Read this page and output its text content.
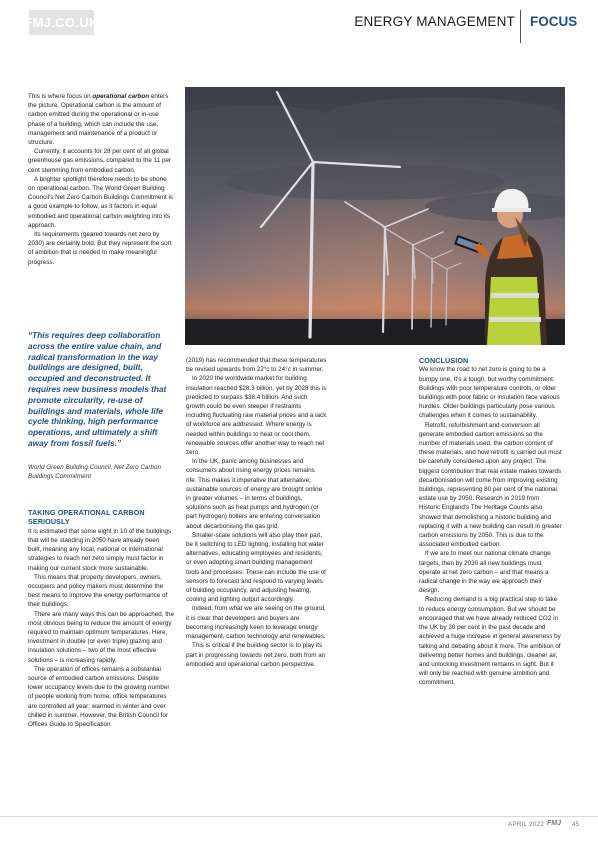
FMJ.CO.UK	ENERGY MANAGEMENT FOCUS

This is where focus on operational carbon enters the picture. Operational carbon is the amount of carbon emitted during the operational or in-use phase of a building, which can include the use, management and maintenance of a product or structure.

Currently, it accounts for 28 per cent of all global greenhouse gas emissions, compared to the 11 per cent stemming from embodied carbon.

A brighter spotlight therefore needs to be shone on operational carbon. The World Green Building Council's Net Zero Carbon Buildings Commitment is a good example to follow, as it factors in equal embodied and operational carbon weighting into its approach.

Its requirements (geared towards net zero by 2030) are certainly bold. But they represent the sort of ambition that is needed to make meaningful progress.

“This requires deep collaboration across the entire value chain, and radical transformation in the way buildings are designed, built, occupied and deconstructed. It requires new business models that promote circularity, re-use of buildings and materials, whole life cycle thinking, high performance operations, and ultimately a shift away from fossil fuels.”
World Green Building Council, Net Zero Carbon Buildings Commitment
TAKING OPERATIONAL CARBON SERIOUSLY

It is estimated that some eight in 10 of the buildings that will be standing in 2050 have already been built, meaning any local, national or international strategies to reach net zero simply must factor in making our current stock more sustainable.

This means that property developers, owners, occupiers and policy makers must determine the best means to improve the energy performance of their buildings.

There are many ways this can be approached, the most obvious being to reduce the amount of energy required to maintain optimum temperatures. Here, investment in double (or even triple) glazing and insulation solutions – two of the most effective solutions – is increasing rapidly.

The operation of offices remains a substantial source of embodied carbon emissions. Despite lower occupancy levels due to the growing number of people working from home, office temperatures are controlled all year; warmed in winter and over chilled in summer. However, the British Council for Offices Guide to Specification

(2019) has recommended that these temperatures be revised upwards from 22°c to 24°c in summer.

In 2020 the worldwide market for building insulation reached $28.3 billion, yet by 2028 this is predicted to surpass $38.4 billion. And such growth could be even steeper if restraints including fluctuating raw material prices and a lack of workforce are addressed. Where energy is needed within buildings to heat or cool them, renewable sources offer another way to reach net zero.

In the UK, panic among businesses and consumers about rising energy prices remains rife. This makes it imperative that alternative, sustainable sources of energy are brought online in greater volumes – in terms of buildings, solutions such as heat pumps and hydrogen (or part hydrogen) boilers are entering conversation about decarbonising the gas grid.

Smaller-scale solutions will also play their part, be it switching to LED lighting, installing hot water alternatives, educating employees and residents, or even adopting smart building management tools and processes. These can include the use of sensors to forecast and respond to varying levels of building occupancy, and adjusting heating, cooling and lighting output accordingly.

Indeed, from what we are seeing on the ground, it is clear that developers and buyers are becoming increasingly keen to leverage energy management, carbon technology and renewables.

This is critical if the building sector is to play its part in progressing towards net zero, both from an embodied and operational carbon perspective.

CONCLUSION

We know the road to net zero is going to be a bumpy one. It's a tough, but worthy commitment. Buildings with poor temperature controls, or older buildings with poor fabric or insulation face various hurdles. Older buildings particularly pose various challenges when it comes to sustainability.

Retrofit, refurbishment and conversion all generate embodied carbon emissions so the number of materials used, the carbon content of these materials, and how retrofit is carried out must be carefully considered upon any project. The biggest contribution that real estate makes towards decarbonisation will come from improving existing buildings, representing 80 per cent of the national estate use by 2050. Research in 2019 from Historic England's The Heritage Counts also showed that demolishing a historic building and replacing it with a new building can result in greater carbon emissions by 2050. This is due to the associated embodied carbon.

If we are to meet our national climate change targets, then by 2030 all new buildings must operate at net zero carbon – and that means a radical change in the way we approach their design.

Reducing demand is a big practical step to take to reduce energy consumption. But we should be encouraged that we have already reduced CO2 in the UK by 30 per cent in the past decade and achieved a huge increase in general awareness by talking and debating about it more. The ambition of delivering better homes and buildings, cleaner air, and unlocking investment remains in sight. But it will only be reached with genuine ambition and commitment.

APRIL 2022 FMJ 45
